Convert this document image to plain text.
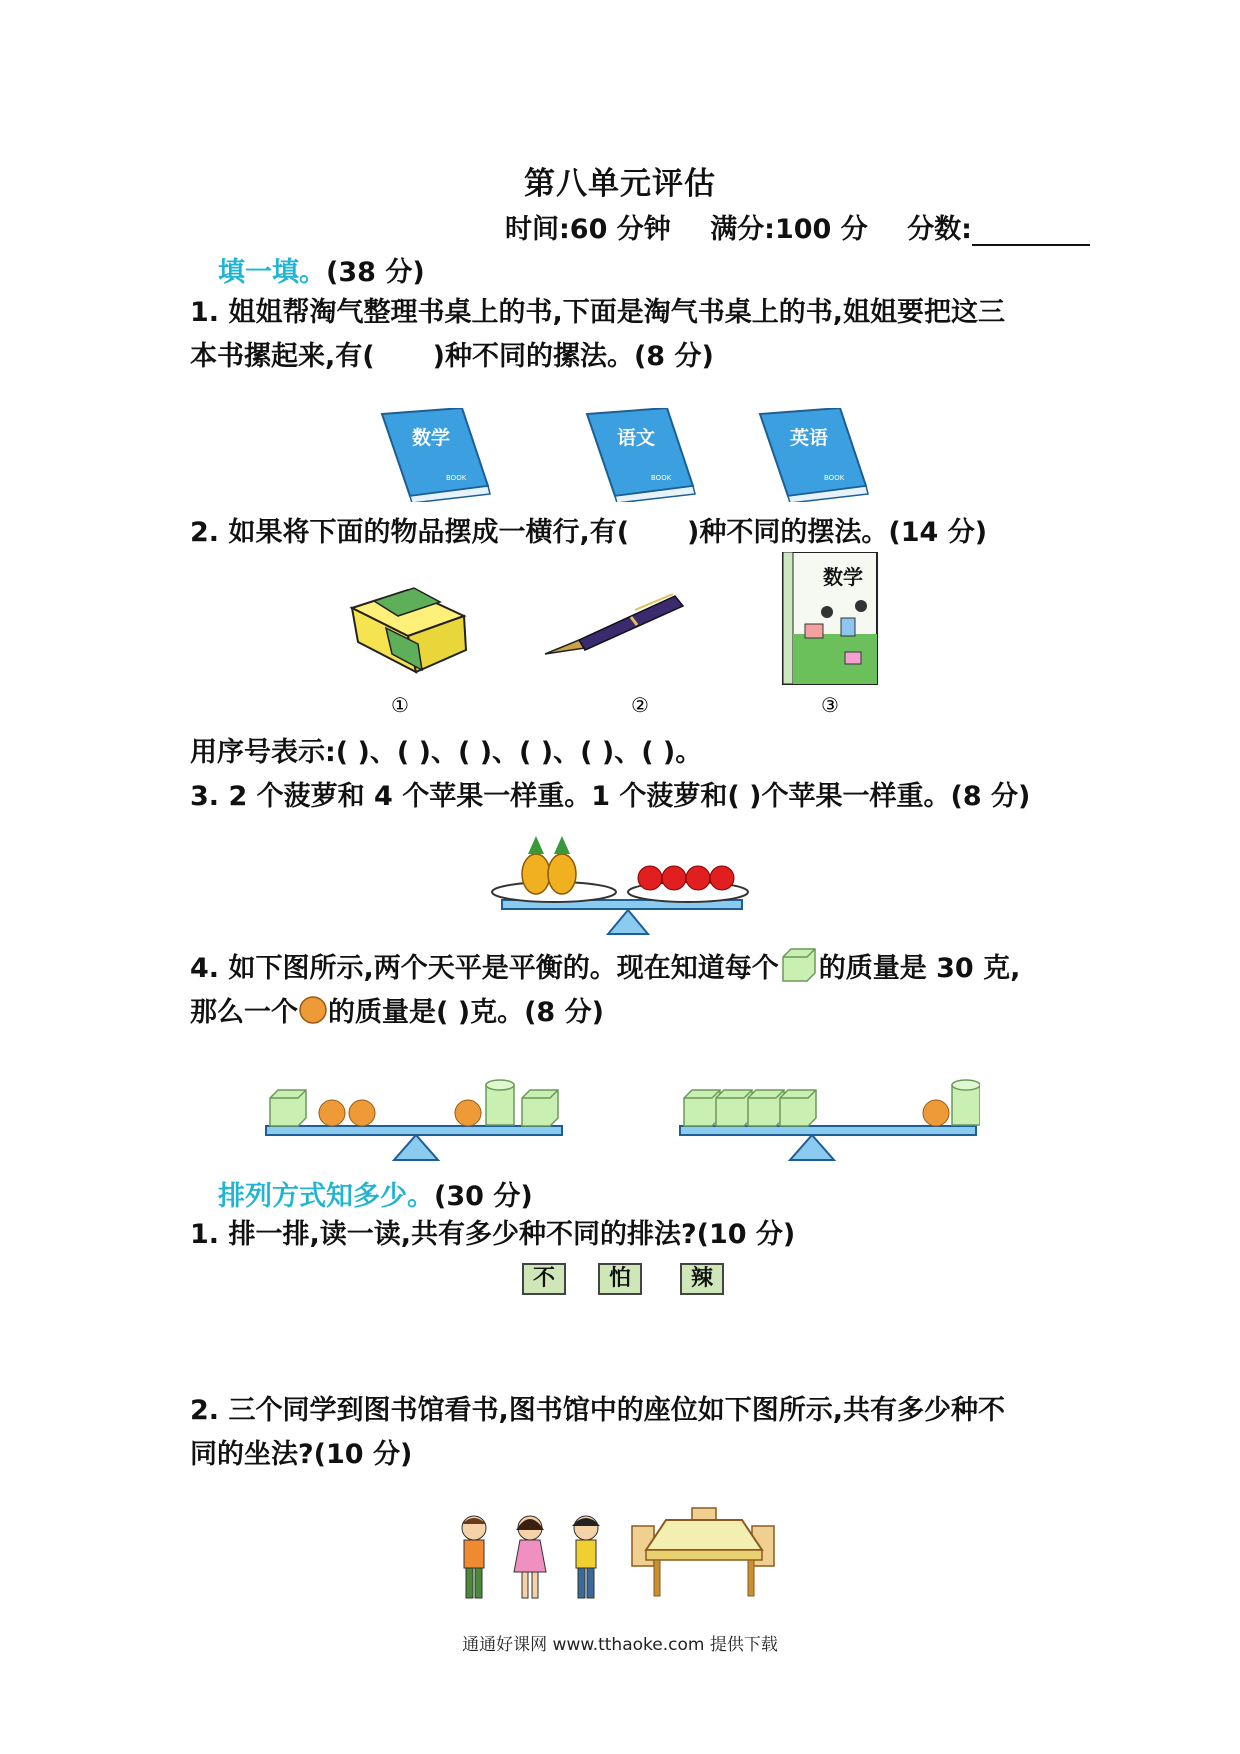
第八单元评估
时间:60 分钟 满分:100 分 分数:
填一填。(38 分)
1. 姐姐帮淘气整理书桌上的书,下面是淘气书桌上的书,姐姐要把这三
本书摞起来,有( )种不同的摞法。(8 分)
数学
BOOK
语文
BOOK
英语
BOOK
2. 如果将下面的物品摆成一横行,有( )种不同的摆法。(14 分)
数学
①	②	③
用序号表示:( )、( )、( )、( )、( )、( )。
3. 2 个菠萝和 4 个苹果一样重。1 个菠萝和( )个苹果一样重。(8 分)
4. 如下图所示,两个天平是平衡的。现在知道每个 的质量是 30 克,
那么一个 的质量是( )克。(8 分)
排列方式知多少。(30 分)
1. 排一排,读一读,共有多少种不同的排法?(10 分)
不	怕	辣
2. 三个同学到图书馆看书,图书馆中的座位如下图所示,共有多少种不
同的坐法?(10 分)
通通好课网 www.tthaoke.com 提供下载
